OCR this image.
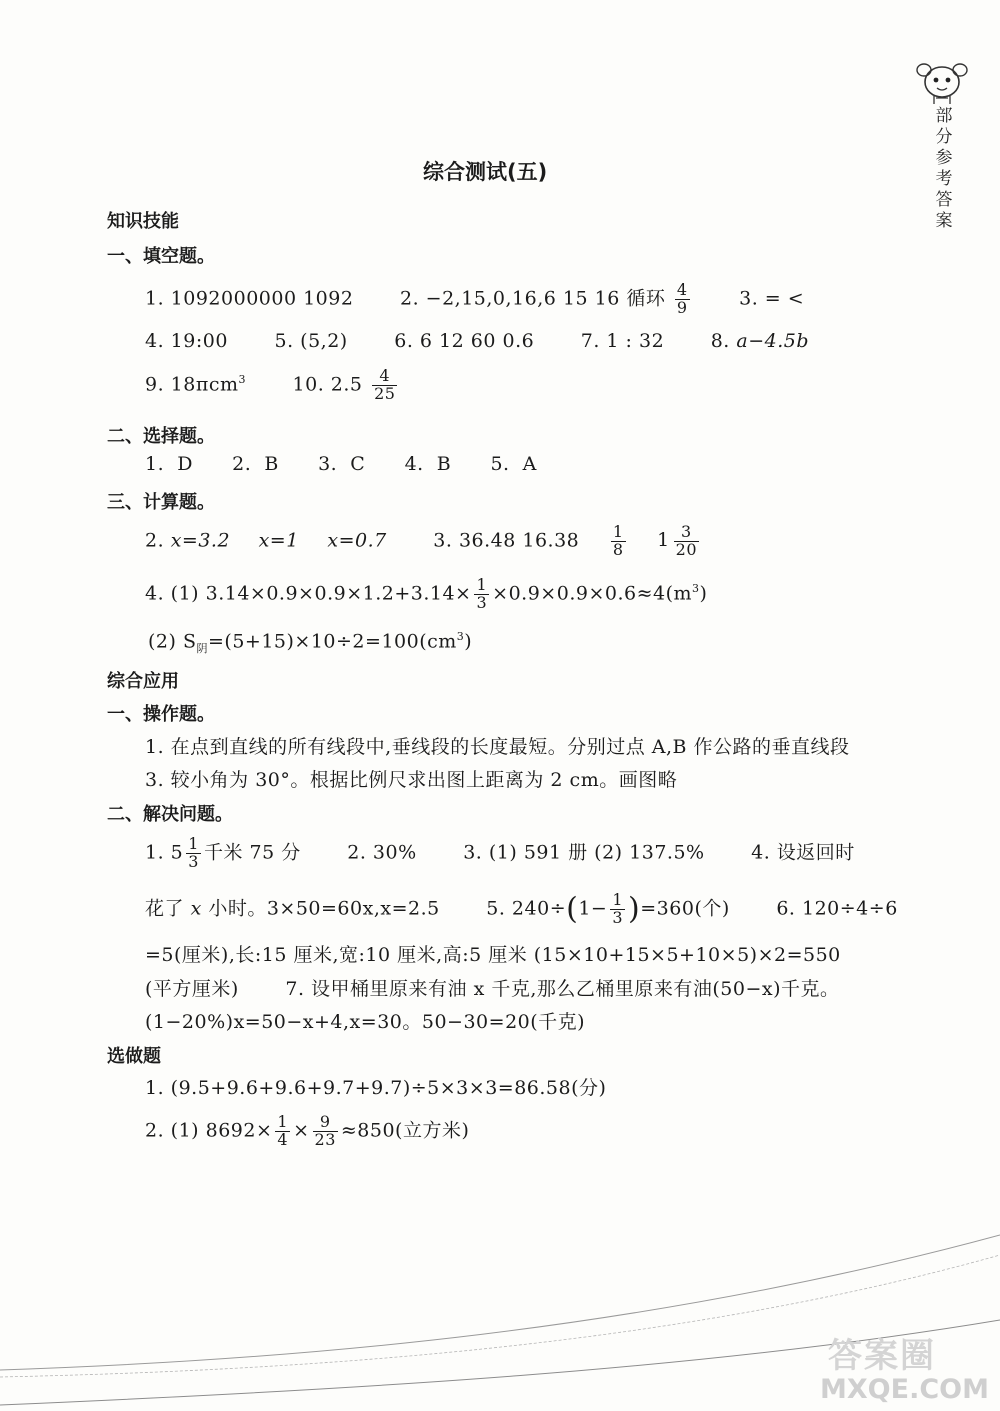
部
分
参
考
答
案
综合测试(五)
知识技能
一、填空题。
1. 1092000000 1092 2. −2,15,0,16,6 15 16 循环 $\frac{4}{9}$	3. = <
4. 19:00 5. (5,2) 6. 6 12 60 0.6 7. 1 : 32 8. a−4.5b
9. 18πcm$^3$ 10. $2.5 \frac{4}{25}$
二、选择题。
1.  D      2.  B      3.  C      4.  B      5.  A
三、计算题。
2. x=3.2 x=1 x=0.7 3. 36.48 $16.38 \frac{1}{8} 1 \frac{3}{20}$
4. (1) $3.14\times 0.9\times 0.9\times 1.2+3.14\times \frac{1}{3} \times 0.9\times 0.9\times 0.6\approx 4(m^3)$
(2) $S_阴=(5+15)\times 10\div 2=100(cm^3)$
综合应用
一、操作题。
1. 在点到直线的所有线段中,垂线段的长度最短。分别过点 A,B 作公路的垂直线段
3. 较小角为 30°。根据比例尺求出图上距离为 2 cm。画图略
二、解决问题。
1. $5 \frac{1}{3}$ 千米 75 分 2. 30% 3. (1) 591 册 (2) 137.5% 4. 设返回时
花了 x 小时。3×50=60x,x=2.5 5. $240\div(1- \frac{1}{3} )=360$(个) 6. 120÷4÷6
=5(厘米),长:15 厘米,宽:10 厘米,高:5 厘米 (15×10+15×5+10×5)×2=550
(平方厘米) 7. 设甲桶里原来有油 x 千克,那么乙桶里原来有油(50−x)千克。
(1−20%)x=50−x+4,x=30。50−30=20(千克)
选做题
1. (9.5+9.6+9.6+9.7+9.7)÷5×3×3=86.58(分)
2. (1) $8692\times \frac{1}{4} \times \frac{9}{23} \approx 850$(立方米)
答案圈
MXQE.COM
